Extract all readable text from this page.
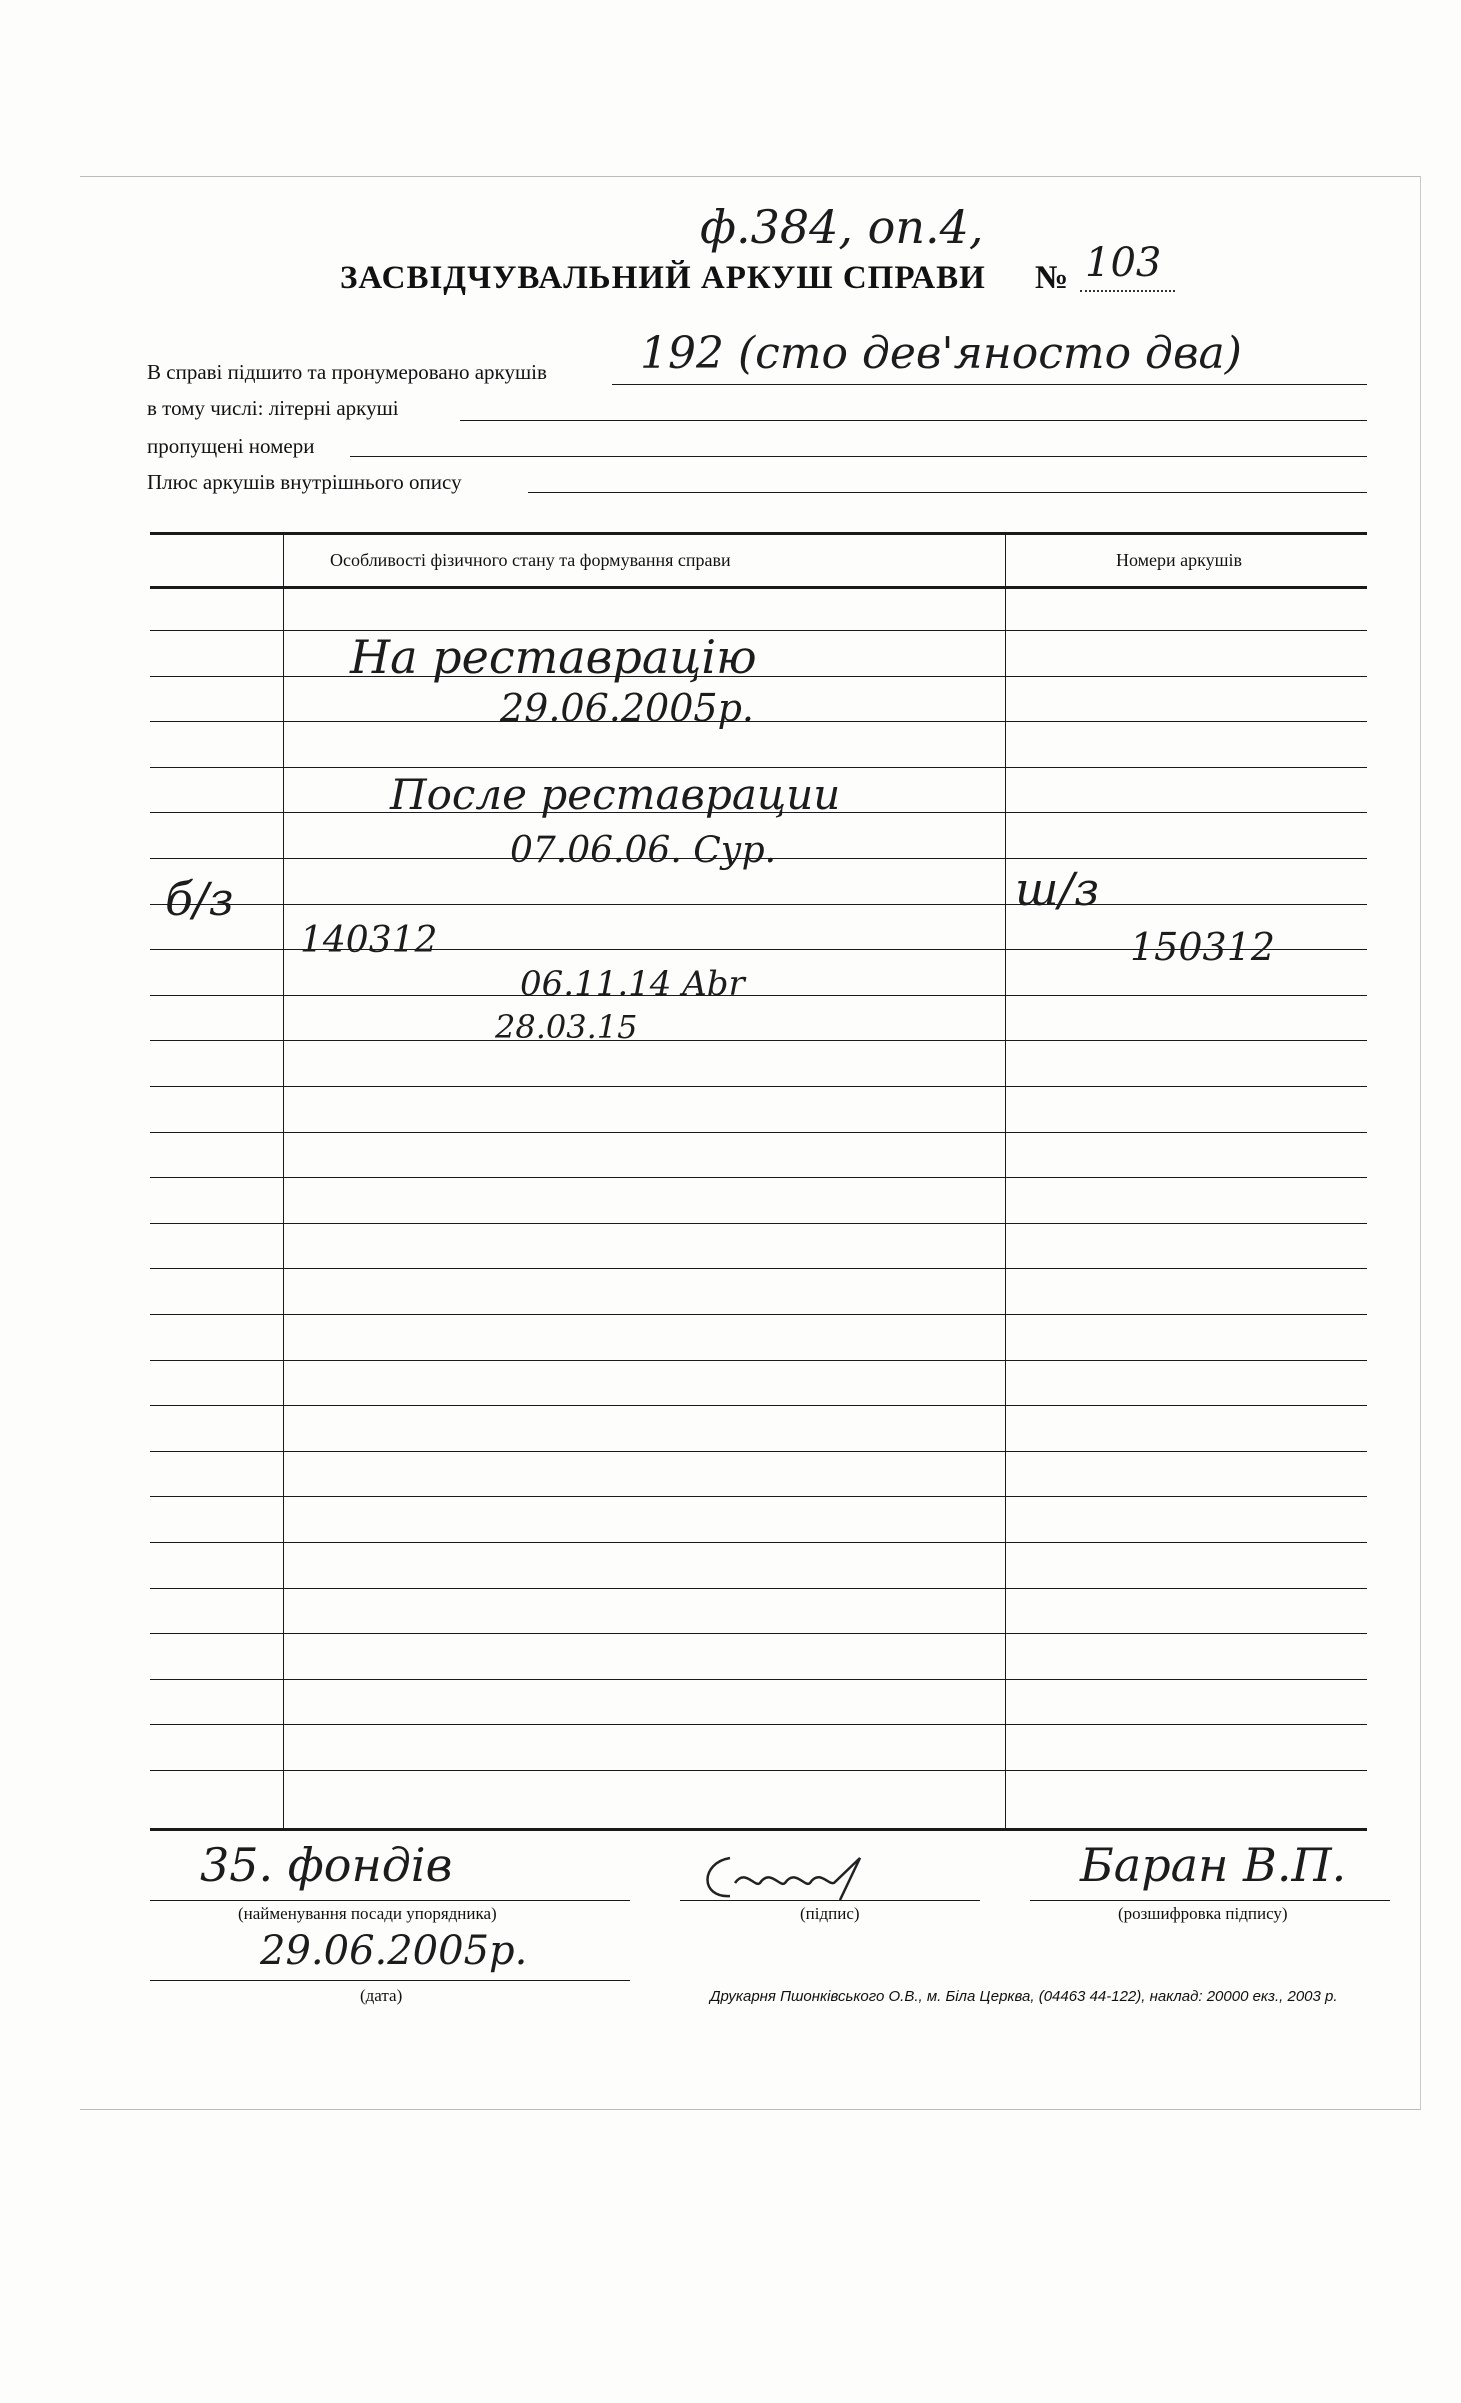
ф.384, оп.4,
ЗАСВІДЧУВАЛЬНИЙ АРКУШ СПРАВИ № 103
В справі підшито та пронумеровано аркушів 192 (сто дев'яносто два)
в тому числі: літерні аркуші
пропущені номери
Плюс аркушів внутрішнього опису
Особливості фізичного стану та формування справи	Номери аркушів
На реставрацію
29.06.2005р.
После реставрации
07.06.06. Сур.
б/з
140312
06.11.14 Abr
28.03.15
ш/з
150312
35. фондів
(найменування посади упорядника)	(підпис)
Баран В.П.
(розшифровка підпису)
29.06.2005р.
(дата)	Друкарня Пшонківського О.В., м. Біла Церква, (04463 44-122), наклад: 20000 екз., 2003 р.
